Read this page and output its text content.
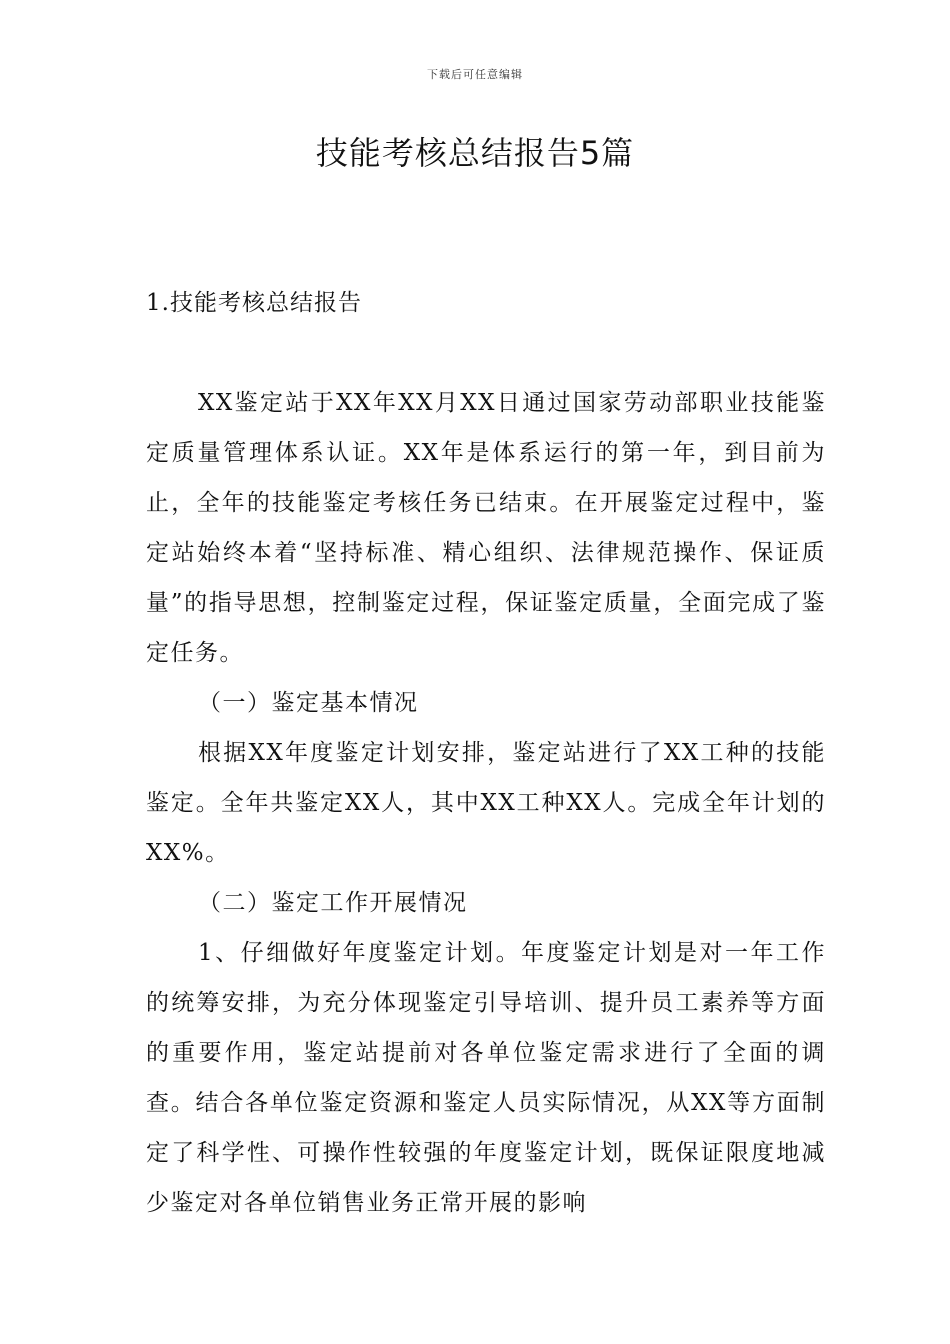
下载后可任意编辑
技能考核总结报告5篇
1.技能考核总结报告

XX鉴定站于XX年XX月XX日通过国家劳动部职业技能鉴定质量管理体系认证。XX年是体系运行的第一年，到目前为止，全年的技能鉴定考核任务已结束。在开展鉴定过程中，鉴定站始终本着“坚持标准、精心组织、法律规范操作、保证质量”的指导思想，控制鉴定过程，保证鉴定质量，全面完成了鉴定任务。

（一）鉴定基本情况

根据XX年度鉴定计划安排，鉴定站进行了XX工种的技能鉴定。全年共鉴定XX人，其中XX工种XX人。完成全年计划的XX%。

（二）鉴定工作开展情况

1、仔细做好年度鉴定计划。年度鉴定计划是对一年工作的统筹安排，为充分体现鉴定引导培训、提升员工素养等方面的重要作用，鉴定站提前对各单位鉴定需求进行了全面的调查。结合各单位鉴定资源和鉴定人员实际情况，从XX等方面制定了科学性、可操作性较强的年度鉴定计划，既保证限度地减少鉴定对各单位销售业务正常开展的影响
